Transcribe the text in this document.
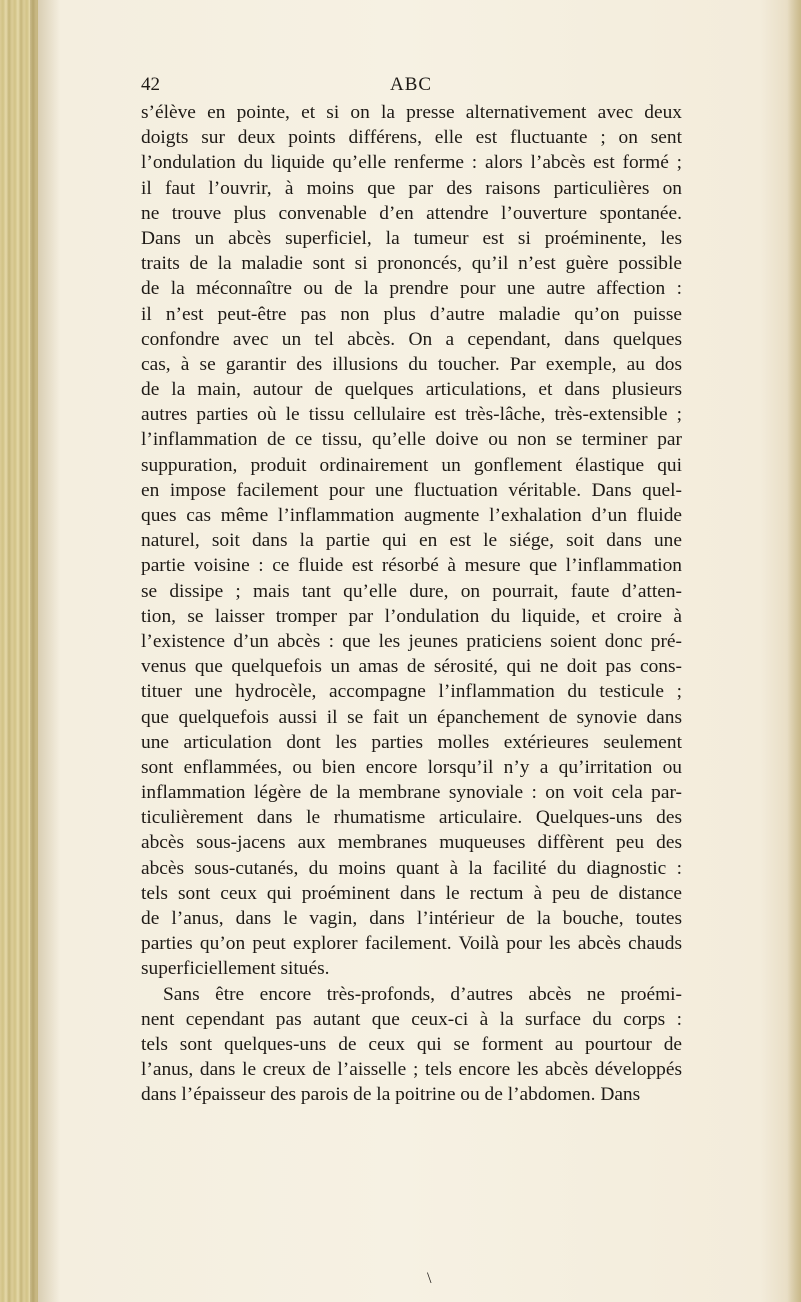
42	ABC
s’élève en pointe, et si on la presse alternativement avec deux
doigts sur deux points différens, elle est fluctuante ; on sent
l’ondulation du liquide qu’elle renferme : alors l’abcès est formé ;
il faut l’ouvrir, à moins que par des raisons particulières on
ne trouve plus convenable d’en attendre l’ouverture spontanée.
Dans un abcès superficiel, la tumeur est si proéminente, les
traits de la maladie sont si prononcés, qu’il n’est guère possible
de la méconnaître ou de la prendre pour une autre affection :
il n’est peut-être pas non plus d’autre maladie qu’on puisse
confondre avec un tel abcès. On a cependant, dans quelques
cas, à se garantir des illusions du toucher. Par exemple, au dos
de la main, autour de quelques articulations, et dans plusieurs
autres parties où le tissu cellulaire est très-lâche, très-extensible ;
l’inflammation de ce tissu, qu’elle doive ou non se terminer par
suppuration, produit ordinairement un gonflement élastique qui
en impose facilement pour une fluctuation véritable. Dans quel-
ques cas même l’inflammation augmente l’exhalation d’un fluide
naturel, soit dans la partie qui en est le siége, soit dans une
partie voisine : ce fluide est résorbé à mesure que l’inflammation
se dissipe ; mais tant qu’elle dure, on pourrait, faute d’atten-
tion, se laisser tromper par l’ondulation du liquide, et croire à
l’existence d’un abcès : que les jeunes praticiens soient donc pré-
venus que quelquefois un amas de sérosité, qui ne doit pas cons-
tituer une hydrocèle, accompagne l’inflammation du testicule ;
que quelquefois aussi il se fait un épanchement de synovie dans
une articulation dont les parties molles extérieures seulement
sont enflammées, ou bien encore lorsqu’il n’y a qu’irritation ou
inflammation légère de la membrane synoviale : on voit cela par-
ticulièrement dans le rhumatisme articulaire. Quelques-uns des
abcès sous-jacens aux membranes muqueuses diffèrent peu des
abcès sous-cutanés, du moins quant à la facilité du diagnostic :
tels sont ceux qui proéminent dans le rectum à peu de distance
de l’anus, dans le vagin, dans l’intérieur de la bouche, toutes
parties qu’on peut explorer facilement. Voilà pour les abcès chauds
superficiellement situés.
Sans être encore très-profonds, d’autres abcès ne proémi-
nent cependant pas autant que ceux-ci à la surface du corps :
tels sont quelques-uns de ceux qui se forment au pourtour de
l’anus, dans le creux de l’aisselle ; tels encore les abcès développés
dans l’épaisseur des parois de la poitrine ou de l’abdomen. Dans
\
